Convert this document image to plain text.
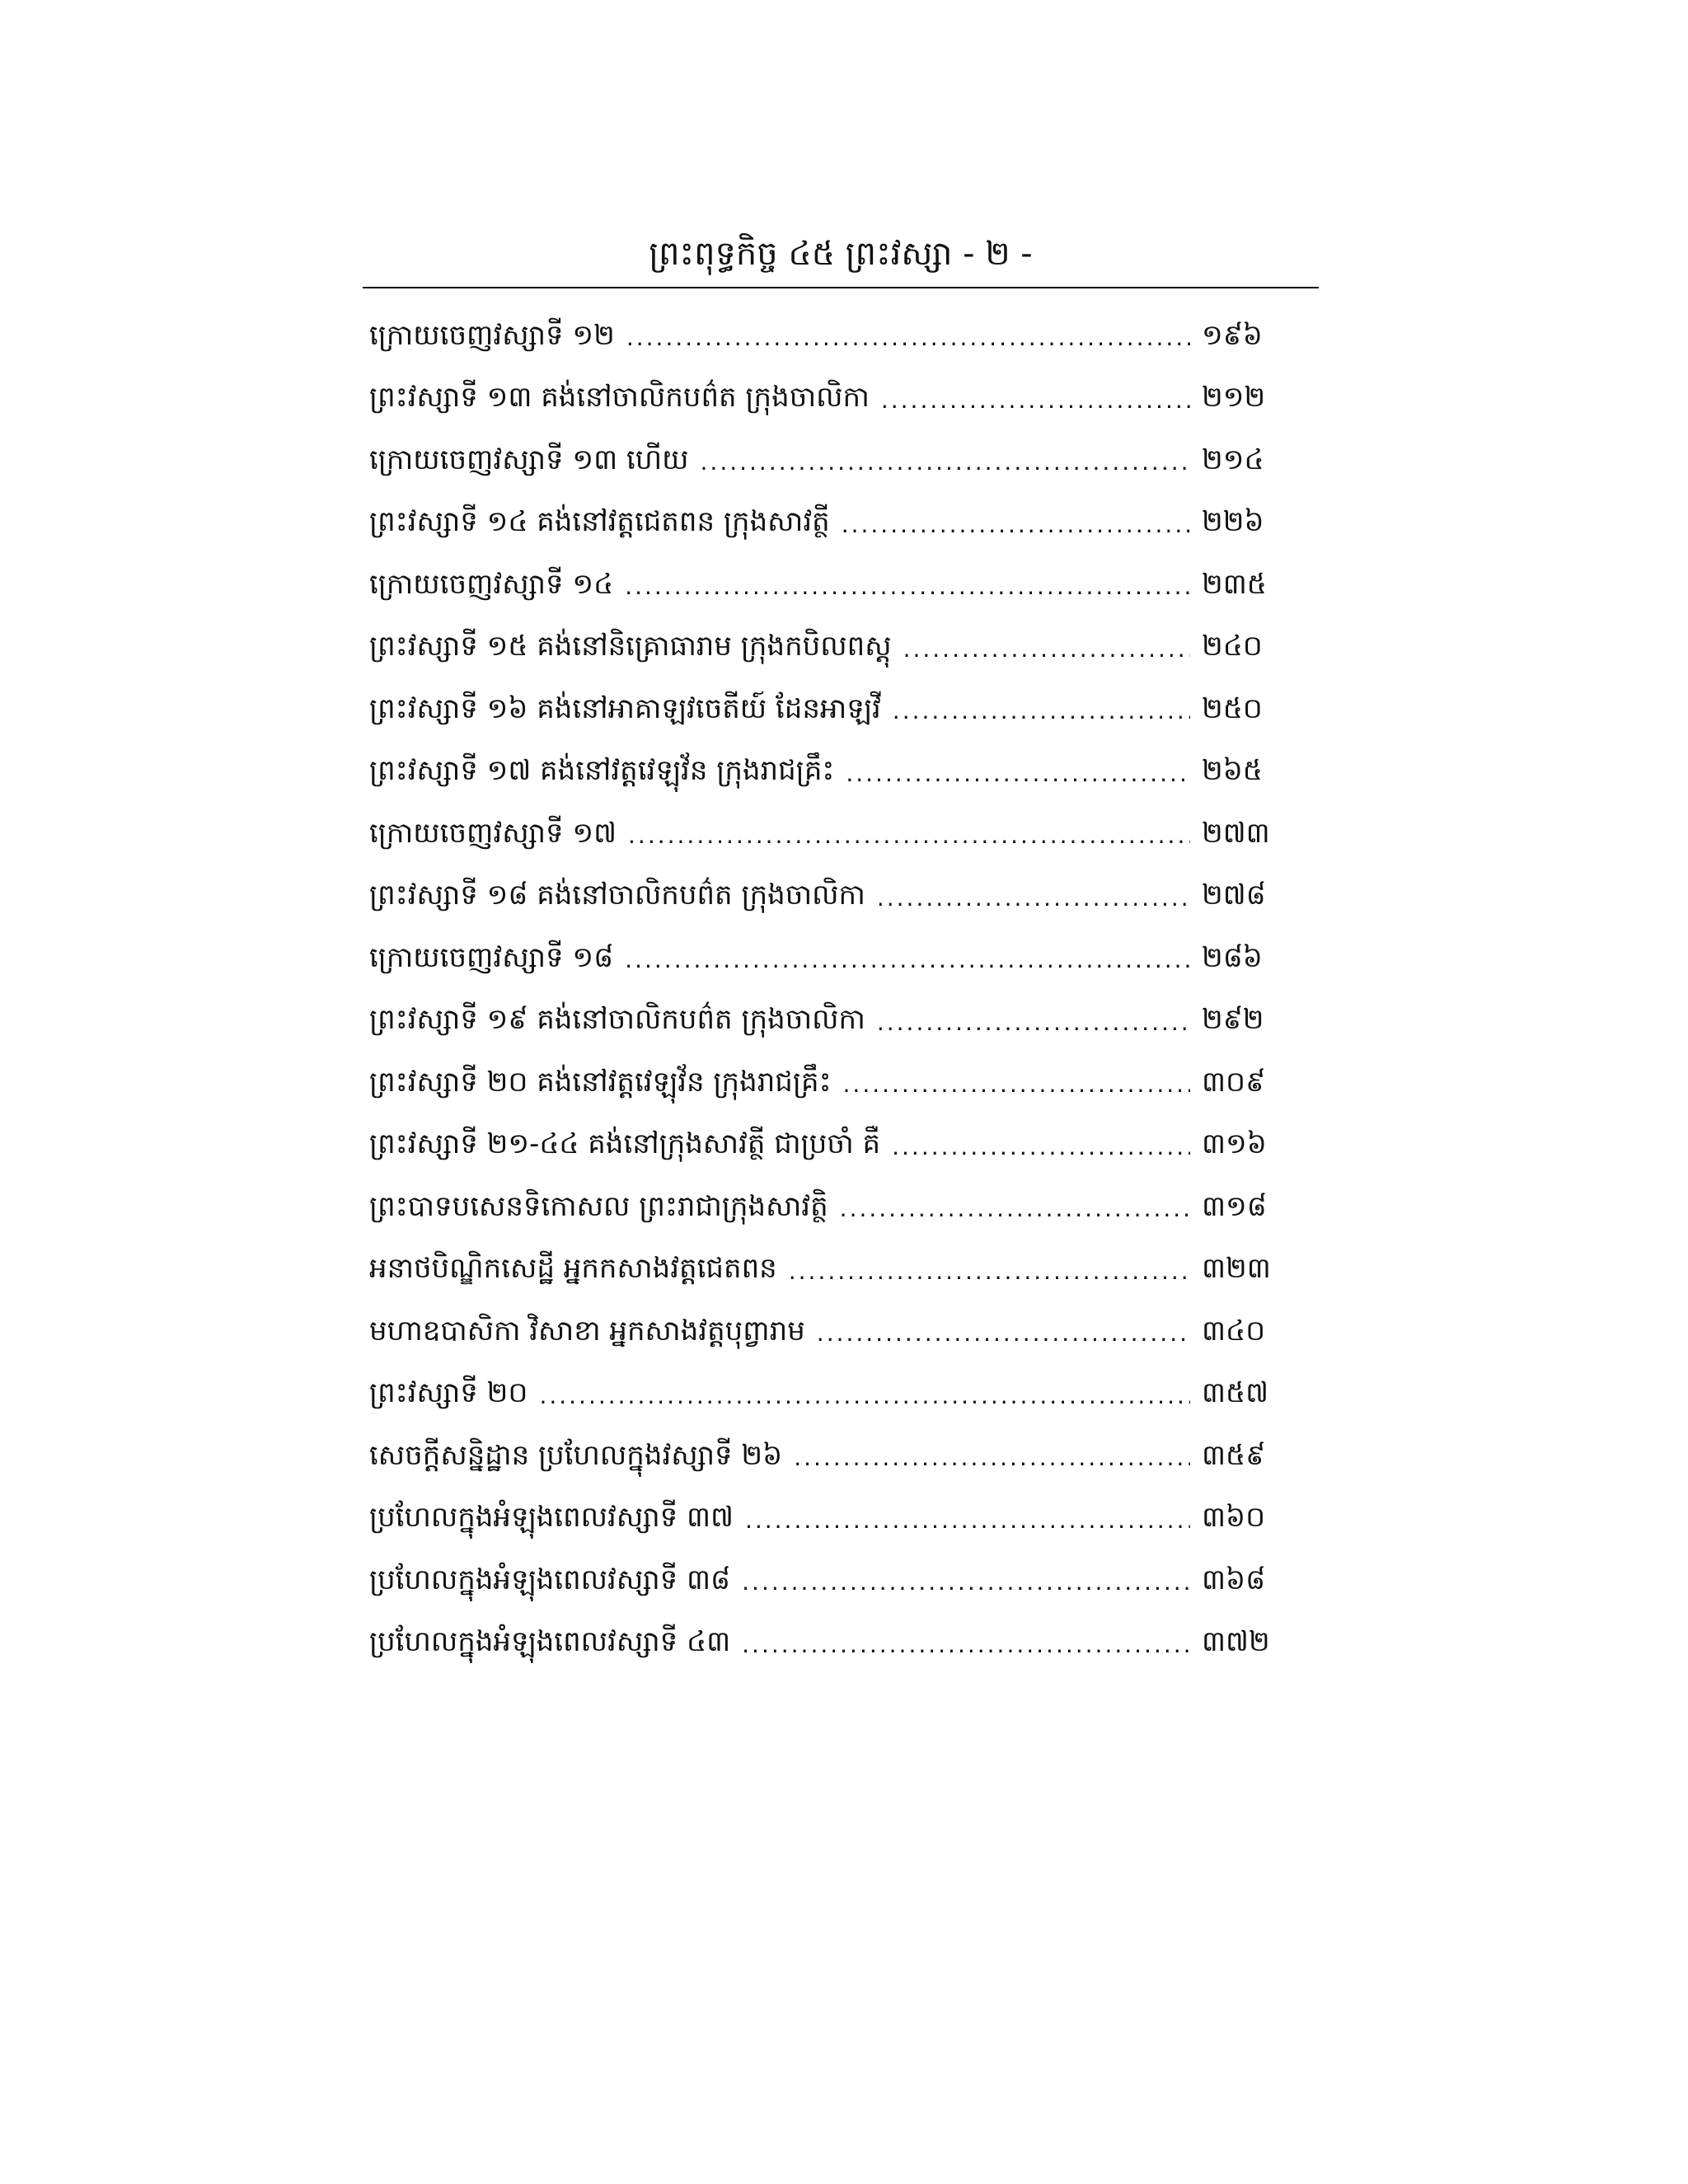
ព្រះពុទ្ធកិច្ច ៤៥ ព្រះវស្សា - ២ -
ក្រោយចេញវស្សាទី ១២ .....	១៩៦
ព្រះវស្សាទី ១៣ គង់នៅចាលិកបព៌ត ក្រុងចាលិកា .....	២១២
ក្រោយចេញវស្សាទី ១៣ ហើយ .....	២១៤
ព្រះវស្សាទី ១៤ គង់នៅវត្តជេតពន ក្រុងសាវត្ថី .....	២២៦
ក្រោយចេញវស្សាទី ១៤ .....	២៣៥
ព្រះវស្សាទី ១៥ គង់នៅនិគ្រោធារាម ក្រុងកបិលពស្តុ .....	២៤០
ព្រះវស្សាទី ១៦ គង់នៅអាគាឡវចេតីយ៍ ដែនអាឡវី .....	២៥០
ព្រះវស្សាទី ១៧ គង់នៅវត្តវេឡុវ័ន ក្រុងរាជគ្រឹះ .....	២៦៥
ក្រោយចេញវស្សាទី ១៧ .....	២៧៣
ព្រះវស្សាទី ១៨ គង់នៅចាលិកបព៌ត ក្រុងចាលិកា .....	២៧៨
ក្រោយចេញវស្សាទី ១៨ .....	២៨៦
ព្រះវស្សាទី ១៩ គង់នៅចាលិកបព៌ត ក្រុងចាលិកា .....	២៩២
ព្រះវស្សាទី ២០ គង់នៅវត្តវេឡុវ័ន ក្រុងរាជគ្រឹះ .....	៣០៩
ព្រះវស្សាទី ២១-៤៤ គង់នៅក្រុងសាវត្ថី ជាប្រចាំ គឺ .....	៣១៦
ព្រះបាទបសេនទិកោសល ព្រះរាជាក្រុងសាវត្ថិ .....	៣១៨
អនាថបិណ្ឌិកសេដ្ឋី អ្នកកសាងវត្តជេតពន .....	៣២៣
មហាឧបាសិកា វិសាខា អ្នកសាងវត្តបុព្វារាម .....	៣៤០
ព្រះវស្សាទី ២០ .....	៣៥៧
សេចក្តីសន្និដ្ឋាន ប្រហែលក្នុងវស្សាទី ២៦ .....	៣៥៩
ប្រហែលក្នុងអំឡុងពេលវស្សាទី ៣៧ .....	៣៦០
ប្រហែលក្នុងអំឡុងពេលវស្សាទី ៣៨ .....	៣៦៨
ប្រហែលក្នុងអំឡុងពេលវស្សាទី ៤៣ .....	៣៧២
